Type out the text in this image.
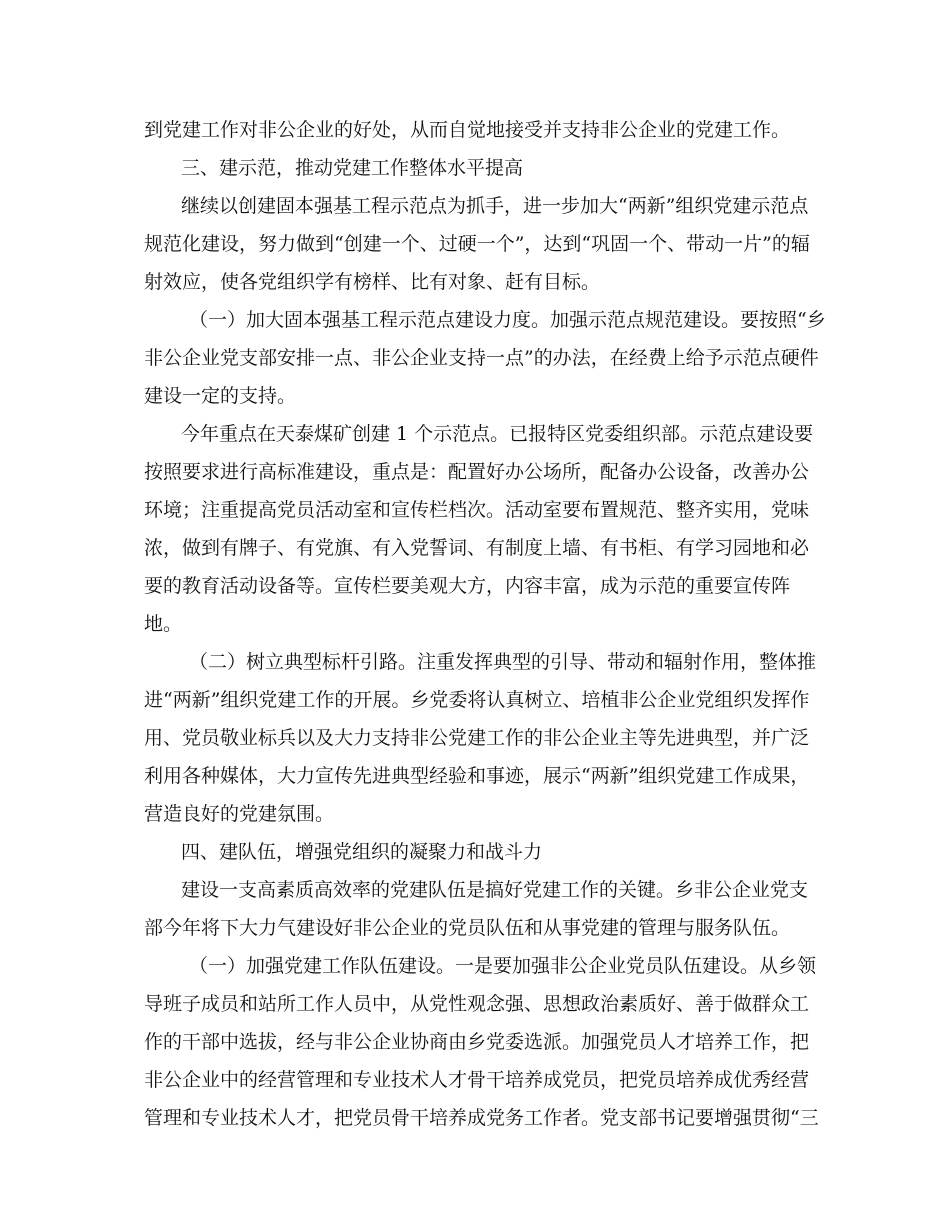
到党建工作对非公企业的好处，从而自觉地接受并支持非公企业的党建工作。

三、建示范，推动党建工作整体水平提高

继续以创建固本强基工程示范点为抓手，进一步加大“两新”组织党建示范点

规范化建设，努力做到“创建一个、过硬一个”，达到“巩固一个、带动一片”的辐

射效应，使各党组织学有榜样、比有对象、赶有目标。

（一）加大固本强基工程示范点建设力度。加强示范点规范建设。要按照“乡

非公企业党支部安排一点、非公企业支持一点”的办法，在经费上给予示范点硬件

建设一定的支持。

今年重点在天泰煤矿创建 1 个示范点。已报特区党委组织部。示范点建设要

按照要求进行高标准建设，重点是：配置好办公场所，配备办公设备，改善办公

环境；注重提高党员活动室和宣传栏档次。活动室要布置规范、整齐实用，党味

浓，做到有牌子、有党旗、有入党誓词、有制度上墙、有书柜、有学习园地和必

要的教育活动设备等。宣传栏要美观大方，内容丰富，成为示范的重要宣传阵

地。

（二）树立典型标杆引路。注重发挥典型的引导、带动和辐射作用，整体推

进“两新”组织党建工作的开展。乡党委将认真树立、培植非公企业党组织发挥作

用、党员敬业标兵以及大力支持非公党建工作的非公企业主等先进典型，并广泛

利用各种媒体，大力宣传先进典型经验和事迹，展示“两新”组织党建工作成果，

营造良好的党建氛围。

四、建队伍，增强党组织的凝聚力和战斗力

建设一支高素质高效率的党建队伍是搞好党建工作的关键。乡非公企业党支

部今年将下大力气建设好非公企业的党员队伍和从事党建的管理与服务队伍。

（一）加强党建工作队伍建设。一是要加强非公企业党员队伍建设。从乡领

导班子成员和站所工作人员中，从党性观念强、思想政治素质好、善于做群众工

作的干部中选拔，经与非公企业协商由乡党委选派。加强党员人才培养工作，把

非公企业中的经营管理和专业技术人才骨干培养成党员，把党员培养成优秀经营

管理和专业技术人才，把党员骨干培养成党务工作者。党支部书记要增强贯彻“三
